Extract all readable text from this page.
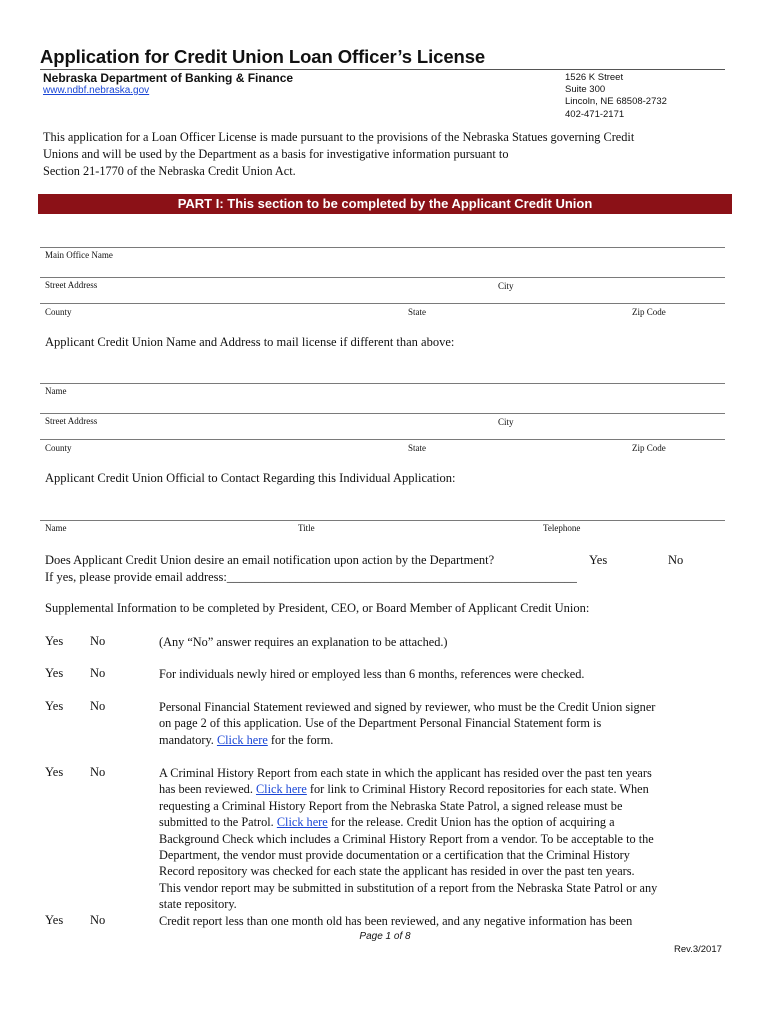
Application for Credit Union Loan Officer’s License
Nebraska Department of Banking & Finance
www.ndbf.nebraska.gov
1526 K Street
Suite 300
Lincoln, NE 68508-2732
402-471-2171
This application for a Loan Officer License is made pursuant to the provisions of the Nebraska Statues governing Credit
Unions and will be used by the Department as a basis for investigative information pursuant to
Section 21-1770 of the Nebraska Credit Union Act.
PART I: This section to be completed by the Applicant Credit Union
Main Office Name
Street Address	City
County	State	Zip Code
Applicant Credit Union Name and Address to mail license if different than above:
Name
Street Address	City
County	State	Zip Code
Applicant Credit Union Official to Contact Regarding this Individual Application:
Name	Title	Telephone
Does Applicant Credit Union desire an email notification upon action by the Department?	Yes	No
If yes, please provide email address:________________________________________________________
Supplemental Information to be completed by President, CEO, or Board Member of Applicant Credit Union:
Yes No	(Any “No” answer requires an explanation to be attached.)
Yes No	For individuals newly hired or employed less than 6 months, references were checked.
Yes No	Personal Financial Statement reviewed and signed by reviewer, who must be the Credit Union signer
on page 2 of this application. Use of the Department Personal Financial Statement form is
mandatory. Click here for the form.
Yes No	A Criminal History Report from each state in which the applicant has resided over the past ten years
has been reviewed. Click here for link to Criminal History Record repositories for each state. When
requesting a Criminal History Report from the Nebraska State Patrol, a signed release must be
submitted to the Patrol. Click here for the release. Credit Union has the option of acquiring a
Background Check which includes a Criminal History Report from a vendor. To be acceptable to the
Department, the vendor must provide documentation or a certification that the Criminal History
Record repository was checked for each state the applicant has resided in over the past ten years.
This vendor report may be submitted in substitution of a report from the Nebraska State Patrol or any
state repository.
Yes No	Credit report less than one month old has been reviewed, and any negative information has been
Page 1 of 8
Rev.3/2017
